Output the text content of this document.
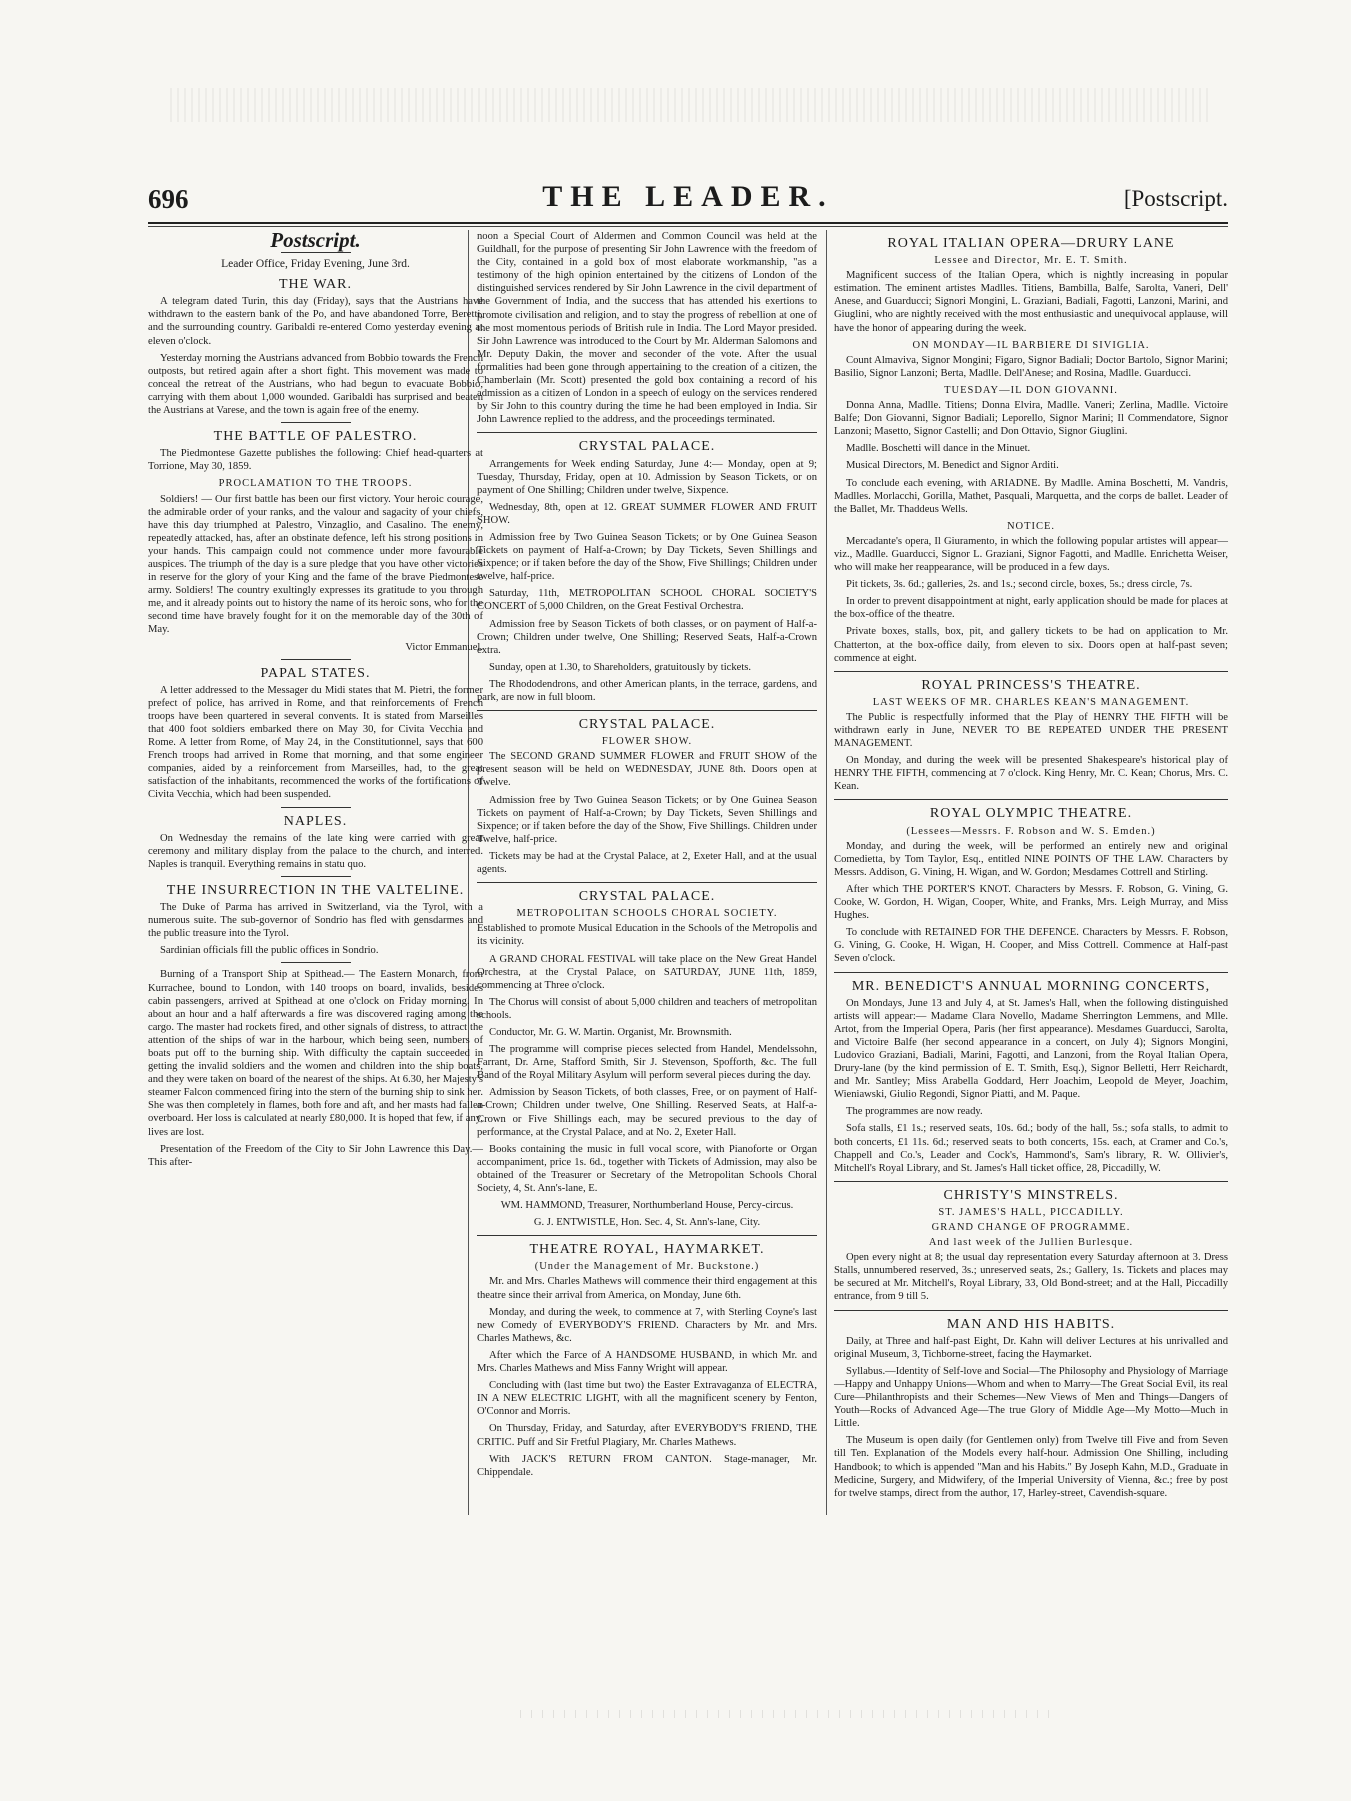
696	THE LEADER.	[Postscript.
Postscript.
Leader Office, Friday Evening, June 3rd.
THE WAR.

A telegram dated Turin, this day (Friday), says that the Austrians have withdrawn to the eastern bank of the Po, and have abandoned Torre, Beretti, and the surrounding country. Garibaldi re-entered Como yesterday evening at eleven o'clock.

Yesterday morning the Austrians advanced from Bobbio towards the French outposts, but retired again after a short fight. This movement was made to conceal the retreat of the Austrians, who had begun to evacuate Bobbio, carrying with them about 1,000 wounded. Garibaldi has surprised and beaten the Austrians at Varese, and the town is again free of the enemy.

THE BATTLE OF PALESTRO.

The Piedmontese Gazette publishes the following: Chief head-quarters at Torrione, May 30, 1859.

PROCLAMATION TO THE TROOPS.

Soldiers! — Our first battle has been our first victory. Your heroic courage, the admirable order of your ranks, and the valour and sagacity of your chiefs, have this day triumphed at Palestro, Vinzaglio, and Casalino. The enemy, repeatedly attacked, has, after an obstinate defence, left his strong positions in your hands. This campaign could not commence under more favourable auspices. The triumph of the day is a sure pledge that you have other victories in reserve for the glory of your King and the fame of the brave Piedmontese army. Soldiers! The country exultingly expresses its gratitude to you through me, and it already points out to history the name of its heroic sons, who for the second time have bravely fought for it on the memorable day of the 30th of May.

Victor Emmanuel.

PAPAL STATES.

A letter addressed to the Messager du Midi states that M. Pietri, the former prefect of police, has arrived in Rome, and that reinforcements of French troops have been quartered in several convents. It is stated from Marseilles that 400 foot soldiers embarked there on May 30, for Civita Vecchia and Rome. A letter from Rome, of May 24, in the Constitutionnel, says that 600 French troops had arrived in Rome that morning, and that some engineer companies, aided by a reinforcement from Marseilles, had, to the great satisfaction of the inhabitants, recommenced the works of the fortifications of Civita Vecchia, which had been suspended.

NAPLES.

On Wednesday the remains of the late king were carried with great ceremony and military display from the palace to the church, and interred. Naples is tranquil. Everything remains in statu quo.

THE INSURRECTION IN THE VALTELINE.

The Duke of Parma has arrived in Switzerland, via the Tyrol, with a numerous suite. The sub-governor of Sondrio has fled with gensdarmes and the public treasure into the Tyrol.

Sardinian officials fill the public offices in Sondrio.

Burning of a Transport Ship at Spithead.— The Eastern Monarch, from Kurrachee, bound to London, with 140 troops on board, invalids, besides cabin passengers, arrived at Spithead at one o'clock on Friday morning. In about an hour and a half afterwards a fire was discovered raging among the cargo. The master had rockets fired, and other signals of distress, to attract the attention of the ships of war in the harbour, which being seen, numbers of boats put off to the burning ship. With difficulty the captain succeeded in getting the invalid soldiers and the women and children into the ship boats, and they were taken on board of the nearest of the ships. At 6.30, her Majesty's steamer Falcon commenced firing into the stern of the burning ship to sink her. She was then completely in flames, both fore and aft, and her masts had fallen overboard. Her loss is calculated at nearly £80,000. It is hoped that few, if any, lives are lost.

Presentation of the Freedom of the City to Sir John Lawrence this Day.— This after-

noon a Special Court of Aldermen and Common Council was held at the Guildhall, for the purpose of presenting Sir John Lawrence with the freedom of the City, contained in a gold box of most elaborate workmanship, "as a testimony of the high opinion entertained by the citizens of London of the distinguished services rendered by Sir John Lawrence in the civil department of the Government of India, and the success that has attended his exertions to promote civilisation and religion, and to stay the progress of rebellion at one of the most momentous periods of British rule in India. The Lord Mayor presided. Sir John Lawrence was introduced to the Court by Mr. Alderman Salomons and Mr. Deputy Dakin, the mover and seconder of the vote. After the usual formalities had been gone through appertaining to the creation of a citizen, the Chamberlain (Mr. Scott) presented the gold box containing a record of his admission as a citizen of London in a speech of eulogy on the services rendered by Sir John to this country during the time he had been employed in India. Sir John Lawrence replied to the address, and the proceedings terminated.

CRYSTAL PALACE.

Arrangements for Week ending Saturday, June 4:— Monday, open at 9; Tuesday, Thursday, Friday, open at 10. Admission by Season Tickets, or on payment of One Shilling; Children under twelve, Sixpence.

Wednesday, 8th, open at 12. GREAT SUMMER FLOWER AND FRUIT SHOW.

Admission free by Two Guinea Season Tickets; or by One Guinea Season Tickets on payment of Half-a-Crown; by Day Tickets, Seven Shillings and Sixpence; or if taken before the day of the Show, Five Shillings; Children under twelve, half-price.

Saturday, 11th, METROPOLITAN SCHOOL CHORAL SOCIETY'S CONCERT of 5,000 Children, on the Great Festival Orchestra.

Admission free by Season Tickets of both classes, or on payment of Half-a-Crown; Children under twelve, One Shilling; Reserved Seats, Half-a-Crown extra.

Sunday, open at 1.30, to Shareholders, gratuitously by tickets.

The Rhododendrons, and other American plants, in the terrace, gardens, and park, are now in full bloom.

CRYSTAL PALACE.
FLOWER SHOW.

The SECOND GRAND SUMMER FLOWER and FRUIT SHOW of the present season will be held on WEDNESDAY, JUNE 8th. Doors open at Twelve.

Admission free by Two Guinea Season Tickets; or by One Guinea Season Tickets on payment of Half-a-Crown; by Day Tickets, Seven Shillings and Sixpence; or if taken before the day of the Show, Five Shillings. Children under Twelve, half-price.

Tickets may be had at the Crystal Palace, at 2, Exeter Hall, and at the usual agents.

CRYSTAL PALACE.
METROPOLITAN SCHOOLS CHORAL SOCIETY.

Established to promote Musical Education in the Schools of the Metropolis and its vicinity.

A GRAND CHORAL FESTIVAL will take place on the New Great Handel Orchestra, at the Crystal Palace, on SATURDAY, JUNE 11th, 1859, commencing at Three o'clock.

The Chorus will consist of about 5,000 children and teachers of metropolitan schools.

Conductor, Mr. G. W. Martin. Organist, Mr. Brownsmith.

The programme will comprise pieces selected from Handel, Mendelssohn, Farrant, Dr. Arne, Stafford Smith, Sir J. Stevenson, Spofforth, &c. The full Band of the Royal Military Asylum will perform several pieces during the day.

Admission by Season Tickets, of both classes, Free, or on payment of Half-a-Crown; Children under twelve, One Shilling. Reserved Seats, at Half-a-Crown or Five Shillings each, may be secured previous to the day of performance, at the Crystal Palace, and at No. 2, Exeter Hall.

Books containing the music in full vocal score, with Pianoforte or Organ accompaniment, price 1s. 6d., together with Tickets of Admission, may also be obtained of the Treasurer or Secretary of the Metropolitan Schools Choral Society, 4, St. Ann's-lane, E.

WM. HAMMOND, Treasurer, Northumberland House, Percy-circus.

G. J. ENTWISTLE, Hon. Sec. 4, St. Ann's-lane, City.

THEATRE ROYAL, HAYMARKET.
(Under the Management of Mr. Buckstone.)

Mr. and Mrs. Charles Mathews will commence their third engagement at this theatre since their arrival from America, on Monday, June 6th.

Monday, and during the week, to commence at 7, with Sterling Coyne's last new Comedy of EVERYBODY'S FRIEND. Characters by Mr. and Mrs. Charles Mathews, &c.

After which the Farce of A HANDSOME HUSBAND, in which Mr. and Mrs. Charles Mathews and Miss Fanny Wright will appear.

Concluding with (last time but two) the Easter Extravaganza of ELECTRA, IN A NEW ELECTRIC LIGHT, with all the magnificent scenery by Fenton, O'Connor and Morris.

On Thursday, Friday, and Saturday, after EVERYBODY'S FRIEND, THE CRITIC. Puff and Sir Fretful Plagiary, Mr. Charles Mathews.

With JACK'S RETURN FROM CANTON. Stage-manager, Mr. Chippendale.

ROYAL ITALIAN OPERA—DRURY LANE
Lessee and Director, Mr. E. T. Smith.

Magnificent success of the Italian Opera, which is nightly increasing in popular estimation. The eminent artistes Madlles. Titiens, Bambilla, Balfe, Sarolta, Vaneri, Dell' Anese, and Guarducci; Signori Mongini, L. Graziani, Badiali, Fagotti, Lanzoni, Marini, and Giuglini, who are nightly received with the most enthusiastic and unequivocal applause, will have the honor of appearing during the week.

ON MONDAY—IL BARBIERE DI SIVIGLIA.

Count Almaviva, Signor Mongini; Figaro, Signor Badiali; Doctor Bartolo, Signor Marini; Basilio, Signor Lanzoni; Berta, Madlle. Dell'Anese; and Rosina, Madlle. Guarducci.

TUESDAY—IL DON GIOVANNI.

Donna Anna, Madlle. Titiens; Donna Elvira, Madlle. Vaneri; Zerlina, Madlle. Victoire Balfe; Don Giovanni, Signor Badiali; Leporello, Signor Marini; Il Commendatore, Signor Lanzoni; Masetto, Signor Castelli; and Don Ottavio, Signor Giuglini.

Madlle. Boschetti will dance in the Minuet.

Musical Directors, M. Benedict and Signor Arditi.

To conclude each evening, with ARIADNE. By Madlle. Amina Boschetti, M. Vandris, Madlles. Morlacchi, Gorilla, Mathet, Pasquali, Marquetta, and the corps de ballet. Leader of the Ballet, Mr. Thaddeus Wells.

NOTICE.

Mercadante's opera, Il Giuramento, in which the following popular artistes will appear—viz., Madlle. Guarducci, Signor L. Graziani, Signor Fagotti, and Madlle. Enrichetta Weiser, who will make her reappearance, will be produced in a few days.

Pit tickets, 3s. 6d.; galleries, 2s. and 1s.; second circle, boxes, 5s.; dress circle, 7s.

In order to prevent disappointment at night, early application should be made for places at the box-office of the theatre.

Private boxes, stalls, box, pit, and gallery tickets to be had on application to Mr. Chatterton, at the box-office daily, from eleven to six. Doors open at half-past seven; commence at eight.

ROYAL PRINCESS'S THEATRE.
LAST WEEKS OF MR. CHARLES KEAN'S MANAGEMENT.

The Public is respectfully informed that the Play of HENRY THE FIFTH will be withdrawn early in June, NEVER TO BE REPEATED UNDER THE PRESENT MANAGEMENT.

On Monday, and during the week will be presented Shakespeare's historical play of HENRY THE FIFTH, commencing at 7 o'clock. King Henry, Mr. C. Kean; Chorus, Mrs. C. Kean.

ROYAL OLYMPIC THEATRE.
(Lessees—Messrs. F. Robson and W. S. Emden.)

Monday, and during the week, will be performed an entirely new and original Comedietta, by Tom Taylor, Esq., entitled NINE POINTS OF THE LAW. Characters by Messrs. Addison, G. Vining, H. Wigan, and W. Gordon; Mesdames Cottrell and Stirling.

After which THE PORTER'S KNOT. Characters by Messrs. F. Robson, G. Vining, G. Cooke, W. Gordon, H. Wigan, Cooper, White, and Franks, Mrs. Leigh Murray, and Miss Hughes.

To conclude with RETAINED FOR THE DEFENCE. Characters by Messrs. F. Robson, G. Vining, G. Cooke, H. Wigan, H. Cooper, and Miss Cottrell. Commence at Half-past Seven o'clock.

MR. BENEDICT'S ANNUAL MORNING CONCERTS,

On Mondays, June 13 and July 4, at St. James's Hall, when the following distinguished artists will appear:— Madame Clara Novello, Madame Sherrington Lemmens, and Mlle. Artot, from the Imperial Opera, Paris (her first appearance). Mesdames Guarducci, Sarolta, and Victoire Balfe (her second appearance in a concert, on July 4); Signors Mongini, Ludovico Graziani, Badiali, Marini, Fagotti, and Lanzoni, from the Royal Italian Opera, Drury-lane (by the kind permission of E. T. Smith, Esq.), Signor Belletti, Herr Reichardt, and Mr. Santley; Miss Arabella Goddard, Herr Joachim, Leopold de Meyer, Joachim, Wieniawski, Giulio Regondi, Signor Piatti, and M. Paque.

The programmes are now ready.

Sofa stalls, £1 1s.; reserved seats, 10s. 6d.; body of the hall, 5s.; sofa stalls, to admit to both concerts, £1 11s. 6d.; reserved seats to both concerts, 15s. each, at Cramer and Co.'s, Chappell and Co.'s, Leader and Cock's, Hammond's, Sam's library, R. W. Ollivier's, Mitchell's Royal Library, and St. James's Hall ticket office, 28, Piccadilly, W.

CHRISTY'S MINSTRELS.
ST. JAMES'S HALL, PICCADILLY.
GRAND CHANGE OF PROGRAMME.
And last week of the Jullien Burlesque.

Open every night at 8; the usual day representation every Saturday afternoon at 3. Dress Stalls, unnumbered reserved, 3s.; unreserved seats, 2s.; Gallery, 1s. Tickets and places may be secured at Mr. Mitchell's, Royal Library, 33, Old Bond-street; and at the Hall, Piccadilly entrance, from 9 till 5.

MAN AND HIS HABITS.

Daily, at Three and half-past Eight, Dr. Kahn will deliver Lectures at his unrivalled and original Museum, 3, Tichborne-street, facing the Haymarket.

Syllabus.—Identity of Self-love and Social—The Philosophy and Physiology of Marriage—Happy and Unhappy Unions—Whom and when to Marry—The Great Social Evil, its real Cure—Philanthropists and their Schemes—New Views of Men and Things—Dangers of Youth—Rocks of Advanced Age—The true Glory of Middle Age—My Motto—Much in Little.

The Museum is open daily (for Gentlemen only) from Twelve till Five and from Seven till Ten. Explanation of the Models every half-hour. Admission One Shilling, including Handbook; to which is appended "Man and his Habits." By Joseph Kahn, M.D., Graduate in Medicine, Surgery, and Midwifery, of the Imperial University of Vienna, &c.; free by post for twelve stamps, direct from the author, 17, Harley-street, Cavendish-square.
